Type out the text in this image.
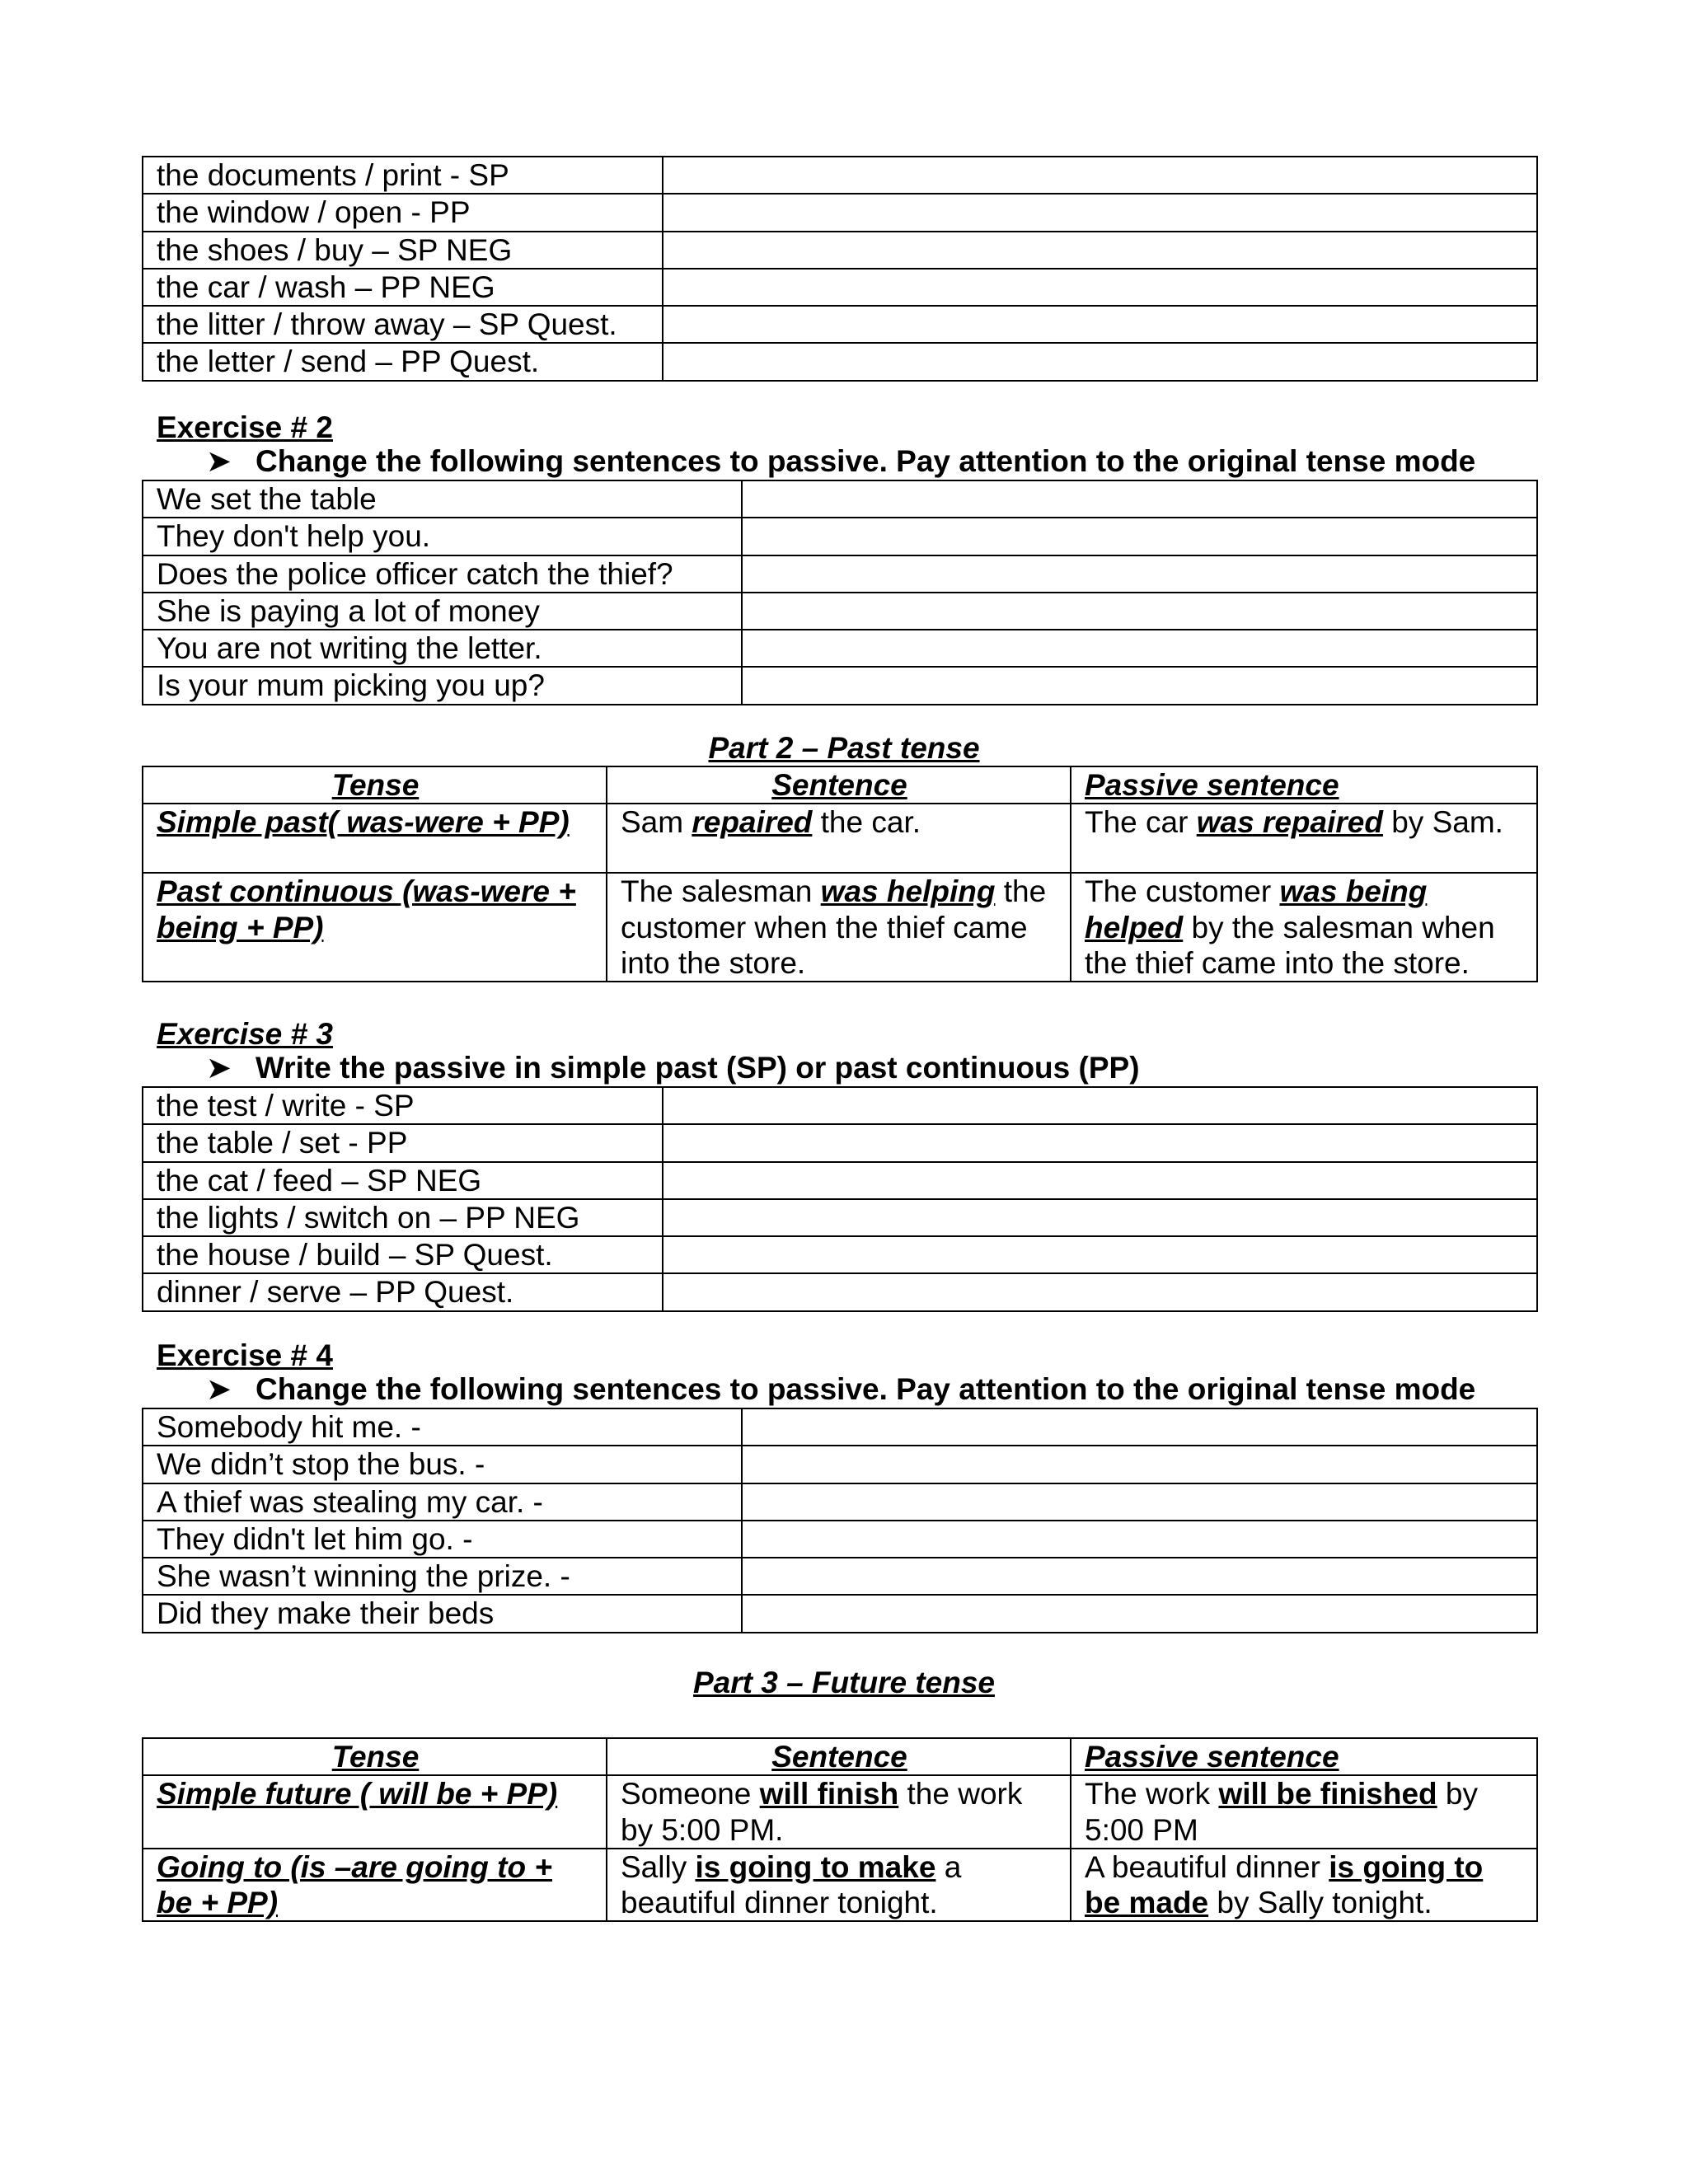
the documents / print - SP	
the window / open - PP	
the shoes / buy – SP NEG	
the car / wash – PP NEG	
the litter / throw away – SP Quest.	
the letter / send – PP Quest.	
Exercise # 2
➤ Change the following sentences to passive. Pay attention to the original tense mode
We set the table	
They don't help you.	
Does the police officer catch the thief?	
She is paying a lot of money	
You are not writing the letter.	
Is your mum picking you up?	
Part 2 – Past tense
Tense	Sentence	Passive sentence
Simple past( was-were + PP)	Sam repaired the car.	The car was repaired by Sam.
Past continuous (was-were + being + PP)	The salesman was helping the customer when the thief came into the store.	The customer was being helped by the salesman when the thief came into the store.
Exercise # 3
➤ Write the passive in simple past (SP) or past continuous (PP)
the test / write - SP	
the table / set - PP	
the cat / feed – SP NEG	
the lights / switch on – PP NEG	
the house / build – SP Quest.	
dinner / serve – PP Quest.	
Exercise # 4
➤ Change the following sentences to passive. Pay attention to the original tense mode
Somebody hit me. -	
We didn’t stop the bus. -	
A thief was stealing my car. -	
They didn't let him go. -	
She wasn’t winning the prize. -	
Did they make their beds	
Part 3 – Future tense
Tense	Sentence	Passive sentence
Simple future ( will be + PP)	Someone will finish the work by 5:00 PM.	The work will be finished by 5:00 PM
Going to (is –are going to + be + PP)	Sally is going to make a beautiful dinner tonight.	A beautiful dinner is going to be made by Sally tonight.
